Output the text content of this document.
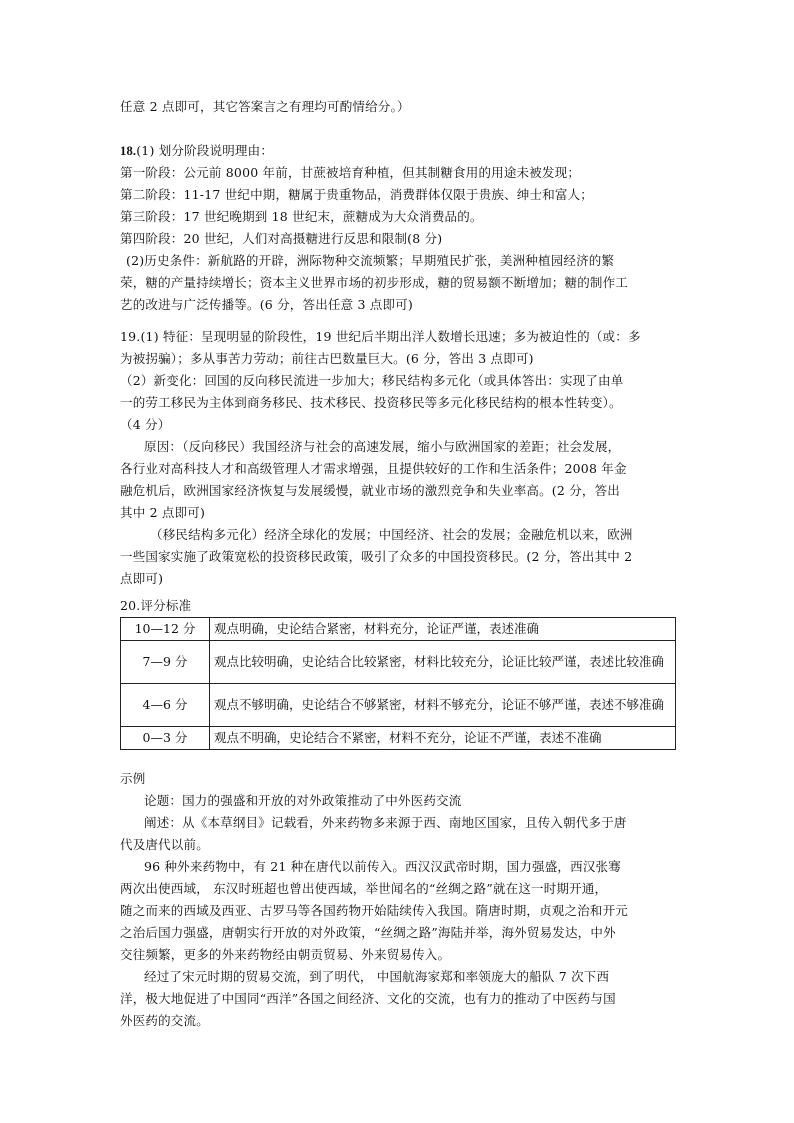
任意 2 点即可，其它答案言之有理均可酌情给分。）

18.(1) 划分阶段说明理由：

第一阶段：公元前 8000 年前，甘蔗被培育种植，但其制糖食用的用途未被发现；

第二阶段：11-17 世纪中期，糖属于贵重物品，消费群体仅限于贵族、绅士和富人；

第三阶段：17 世纪晚期到 18 世纪末，蔗糖成为大众消费品的。

第四阶段：20 世纪，人们对高摄糖进行反思和限制(8 分)

(2)历史条件：新航路的开辟，洲际物种交流频繁；早期殖民扩张，美洲种植园经济的繁

荣，糖的产量持续增长；资本主义世界市场的初步形成，糖的贸易额不断增加；糖的制作工

艺的改进与广泛传播等。(6 分，答出任意 3 点即可)

19.(1) 特征：呈现明显的阶段性，19 世纪后半期出洋人数增长迅速；多为被迫性的（或：多

为被拐骗）；多从事苦力劳动；前往古巴数量巨大。(6 分，答出 3 点即可)

（2）新变化：回国的反向移民流进一步加大；移民结构多元化（或具体答出：实现了由单

一的劳工移民为主体到商务移民、技术移民、投资移民等多元化移民结构的根本性转变）。

（4 分）

原因：（反向移民）我国经济与社会的高速发展，缩小与欧洲国家的差距；社会发展，

各行业对高科技人才和高级管理人才需求增强，且提供较好的工作和生活条件；2008 年金

融危机后，欧洲国家经济恢复与发展缓慢，就业市场的激烈竞争和失业率高。(2 分，答出

其中 2 点即可)

（移民结构多元化）经济全球化的发展；中国经济、社会的发展；金融危机以来，欧洲

一些国家实施了政策宽松的投资移民政策，吸引了众多的中国投资移民。(2 分，答出其中 2

点即可)

20.评分标准

10—12 分	观点明确，史论结合紧密，材料充分，论证严谨，表述准确
7—9 分	观点比较明确，史论结合比较紧密，材料比较充分，论证比较严谨，表述比较准确
4—6 分	观点不够明确，史论结合不够紧密，材料不够充分，论证不够严谨，表述不够准确
0—3 分	观点不明确，史论结合不紧密，材料不充分，论证不严谨，表述不准确

示例

论题：国力的强盛和开放的对外政策推动了中外医药交流

阐述：从《本草纲目》记载看，外来药物多来源于西、南地区国家，且传入朝代多于唐

代及唐代以前。

96 种外来药物中，有 21 种在唐代以前传入。西汉汉武帝时期，国力强盛，西汉张骞

两次出使西域， 东汉时班超也曾出使西域，举世闻名的“丝绸之路”就在这一时期开通，

随之而来的西域及西亚、古罗马等各国药物开始陆续传入我国。隋唐时期，贞观之治和开元

之治后国力强盛，唐朝实行开放的对外政策，“丝绸之路”海陆并举，海外贸易发达，中外

交往频繁，更多的外来药物经由朝贡贸易、外来贸易传入。

经过了宋元时期的贸易交流，到了明代， 中国航海家郑和率领庞大的船队 7 次下西

洋，极大地促进了中国同“西洋”各国之间经济、文化的交流，也有力的推动了中医药与国

外医药的交流。
